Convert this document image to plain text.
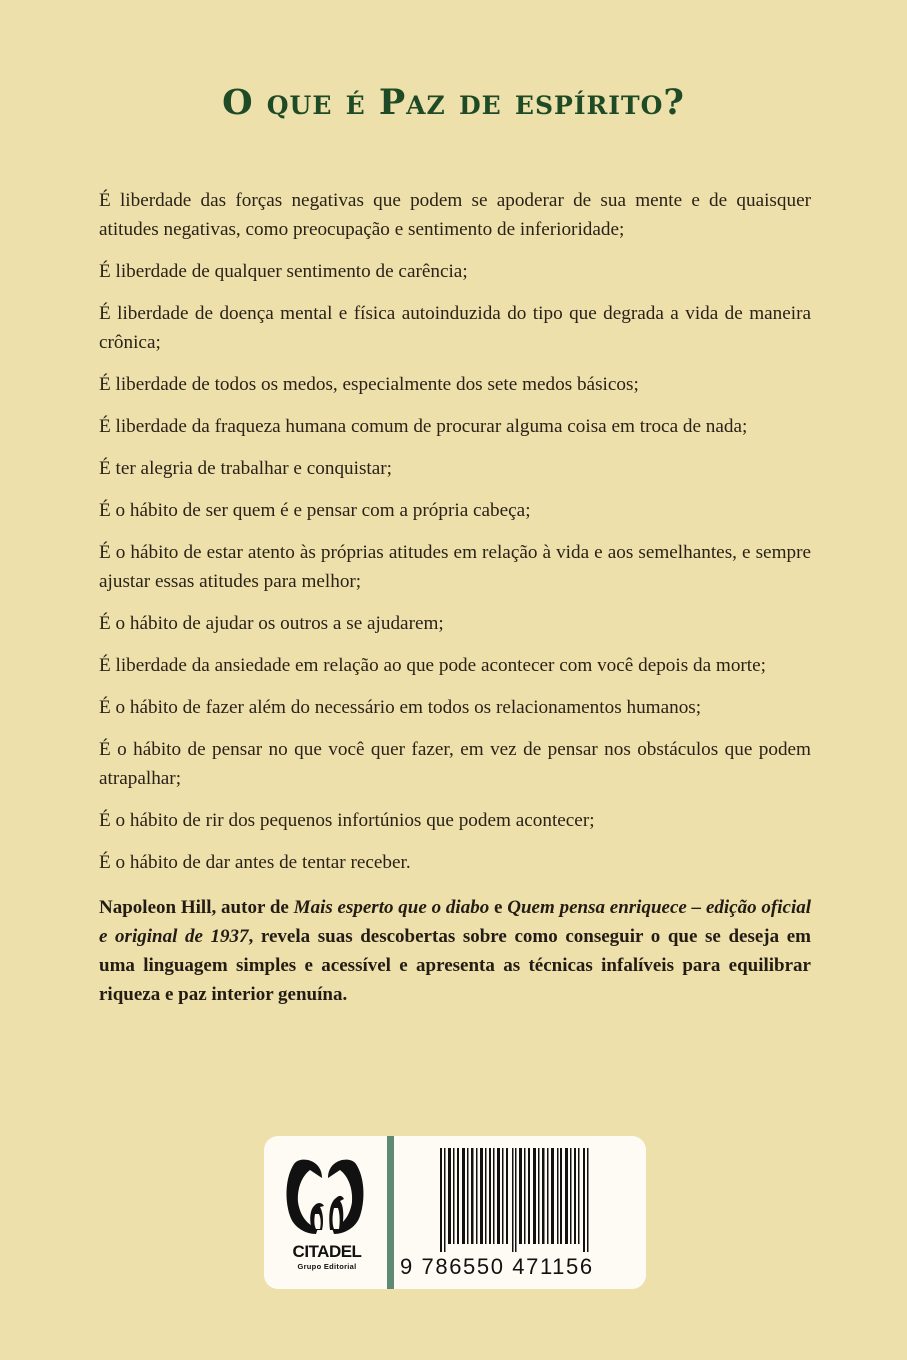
O que é Paz de espírito?

É liberdade das forças negativas que podem se apoderar de sua mente e de quaisquer atitudes negativas, como preocupação e sentimento de inferioridade;

É liberdade de qualquer sentimento de carência;

É liberdade de doença mental e física autoinduzida do tipo que degrada a vida de maneira crônica;

É liberdade de todos os medos, especialmente dos sete medos básicos;

É liberdade da fraqueza humana comum de procurar alguma coisa em troca de nada;

É ter alegria de trabalhar e conquistar;

É o hábito de ser quem é e pensar com a própria cabeça;

É o hábito de estar atento às próprias atitudes em relação à vida e aos semelhantes, e sempre ajustar essas atitudes para melhor;

É o hábito de ajudar os outros a se ajudarem;

É liberdade da ansiedade em relação ao que pode acontecer com você depois da morte;

É o hábito de fazer além do necessário em todos os relacionamentos humanos;

É o hábito de pensar no que você quer fazer, em vez de pensar nos obstáculos que podem atrapalhar;

É o hábito de rir dos pequenos infortúnios que podem acontecer;

É o hábito de dar antes de tentar receber.

Napoleon Hill, autor de Mais esperto que o diabo e Quem pensa enriquece – edição oficial e original de 1937, revela suas descobertas sobre como conseguir o que se deseja em uma linguagem simples e acessível e apresenta as técnicas infalíveis para equilibrar riqueza e paz interior genuína.

CITADEL
Grupo Editorial	9 786550 471156
